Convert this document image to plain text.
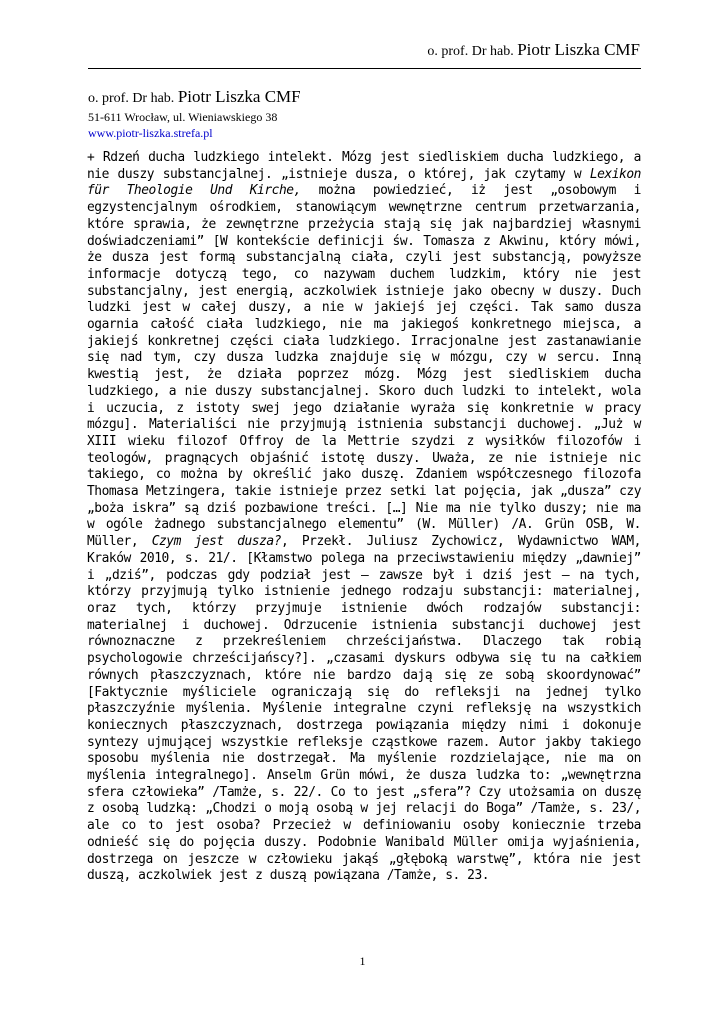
o. prof. Dr hab. Piotr Liszka CMF
o. prof. Dr hab. Piotr Liszka CMF
51-611 Wrocław, ul. Wieniawskiego 38
www.piotr-liszka.strefa.pl

+ Rdzeń ducha ludzkiego intelekt. Mózg jest siedliskiem ducha ludzkiego, a nie duszy substancjalnej. „istnieje dusza, o której, jak czytamy w Lexikon für Theologie Und Kirche, można powiedzieć, iż jest „osobowym i egzystencjalnym ośrodkiem, stanowiącym wewnętrzne centrum przetwarzania, które sprawia, że zewnętrzne przeżycia stają się jak najbardziej własnymi doświadczeniami” [W kontekście definicji św. Tomasza z Akwinu, który mówi, że dusza jest formą substancjalną ciała, czyli jest substancją, powyższe informacje dotyczą tego, co nazywam duchem ludzkim, który nie jest substancjalny, jest energią, aczkolwiek istnieje jako obecny w duszy. Duch ludzki jest w całej duszy, a nie w jakiejś jej części. Tak samo dusza ogarnia całość ciała ludzkiego, nie ma jakiegoś konkretnego miejsca, a jakiejś konkretnej części ciała ludzkiego. Irracjonalne jest zastanawianie się nad tym, czy dusza ludzka znajduje się w mózgu, czy w sercu. Inną kwestią jest, że działa poprzez mózg. Mózg jest siedliskiem ducha ludzkiego, a nie duszy substancjalnej. Skoro duch ludzki to intelekt, wola i uczucia, z istoty swej jego działanie wyraża się konkretnie w pracy mózgu]. Materialiści nie przyjmują istnienia substancji duchowej. „Już w XIII wieku filozof Offroy de la Mettrie szydzi z wysiłków filozofów i teologów, pragnących objaśnić istotę duszy. Uważa, ze nie istnieje nic takiego, co można by określić jako duszę. Zdaniem współczesnego filozofa Thomasa Metzingera, takie istnieje przez setki lat pojęcia, jak „dusza” czy „boża iskra” są dziś pozbawione treści. […] Nie ma nie tylko duszy; nie ma w ogóle żadnego substancjalnego elementu” (W. Müller) /A. Grün OSB, W. Müller, Czym jest dusza?, Przekł. Juliusz Zychowicz, Wydawnictwo WAM, Kraków 2010, s. 21/. [Kłamstwo polega na przeciwstawieniu między „dawniej” i „dziś”, podczas gdy podział jest – zawsze był i dziś jest – na tych, którzy przyjmują tylko istnienie jednego rodzaju substancji: materialnej, oraz tych, którzy przyjmuje istnienie dwóch rodzajów substancji: materialnej i duchowej. Odrzucenie istnienia substancji duchowej jest równoznaczne z przekreśleniem chrześcijaństwa. Dlaczego tak robią psychologowie chrześcijańscy?]. „czasami dyskurs odbywa się tu na całkiem równych płaszczyznach, które nie bardzo dają się ze sobą skoordynować” [Faktycznie myśliciele ograniczają się do refleksji na jednej tylko płaszczyźnie myślenia. Myślenie integralne czyni refleksję na wszystkich koniecznych płaszczyznach, dostrzega powiązania między nimi i dokonuje syntezy ujmującej wszystkie refleksje cząstkowe razem. Autor jakby takiego sposobu myślenia nie dostrzegał. Ma myślenie rozdzielające, nie ma on myślenia integralnego]. Anselm Grün mówi, że dusza ludzka to: „wewnętrzna sfera człowieka” /Tamże, s. 22/. Co to jest „sfera”? Czy utożsamia on duszę z osobą ludzką: „Chodzi o moją osobą w jej relacji do Boga” /Tamże, s. 23/, ale co to jest osoba? Przecież w definiowaniu osoby koniecznie trzeba odnieść się do pojęcia duszy. Podobnie Wanibald Müller omija wyjaśnienia, dostrzega on jeszcze w człowieku jakąś „głęboką warstwę”, która nie jest duszą, aczkolwiek jest z duszą powiązana /Tamże, s. 23.

1
